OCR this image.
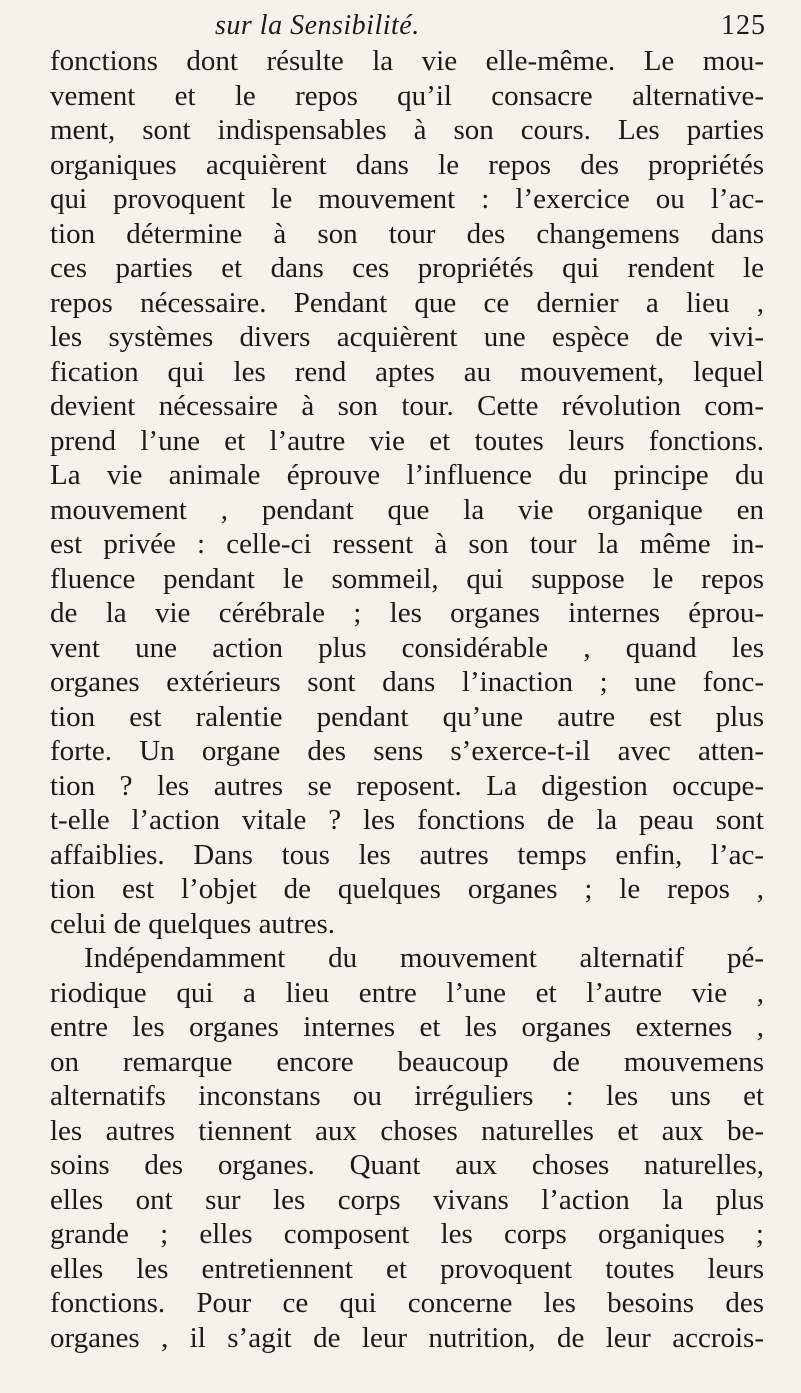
sur la Sensibilité.	125
fonctions dont résulte la vie elle-même. Le mou-
vement et le repos qu’il consacre alternative-
ment, sont indispensables à son cours. Les parties
organiques acquièrent dans le repos des propriétés
qui provoquent le mouvement : l’exercice ou l’ac-
tion détermine à son tour des changemens dans
ces parties et dans ces propriétés qui rendent le
repos nécessaire. Pendant que ce dernier a lieu ,
les systèmes divers acquièrent une espèce de vivi-
fication qui les rend aptes au mouvement, lequel
devient nécessaire à son tour. Cette révolution com-
prend l’une et l’autre vie et toutes leurs fonctions.
La vie animale éprouve l’influence du principe du
mouvement , pendant que la vie organique en
est privée : celle-ci ressent à son tour la même in-
fluence pendant le sommeil, qui suppose le repos
de la vie cérébrale ; les organes internes éprou-
vent une action plus considérable , quand les
organes extérieurs sont dans l’inaction ; une fonc-
tion est ralentie pendant qu’une autre est plus
forte. Un organe des sens s’exerce-t-il avec atten-
tion ? les autres se reposent. La digestion occupe-
t-elle l’action vitale ? les fonctions de la peau sont
affaiblies. Dans tous les autres temps enfin, l’ac-
tion est l’objet de quelques organes ; le repos ,
celui de quelques autres.
Indépendamment du mouvement alternatif pé-
riodique qui a lieu entre l’une et l’autre vie ,
entre les organes internes et les organes externes ,
on remarque encore beaucoup de mouvemens
alternatifs inconstans ou irréguliers : les uns et
les autres tiennent aux choses naturelles et aux be-
soins des organes. Quant aux choses naturelles,
elles ont sur les corps vivans l’action la plus
grande ; elles composent les corps organiques ;
elles les entretiennent et provoquent toutes leurs
fonctions. Pour ce qui concerne les besoins des
organes , il s’agit de leur nutrition, de leur accrois-
